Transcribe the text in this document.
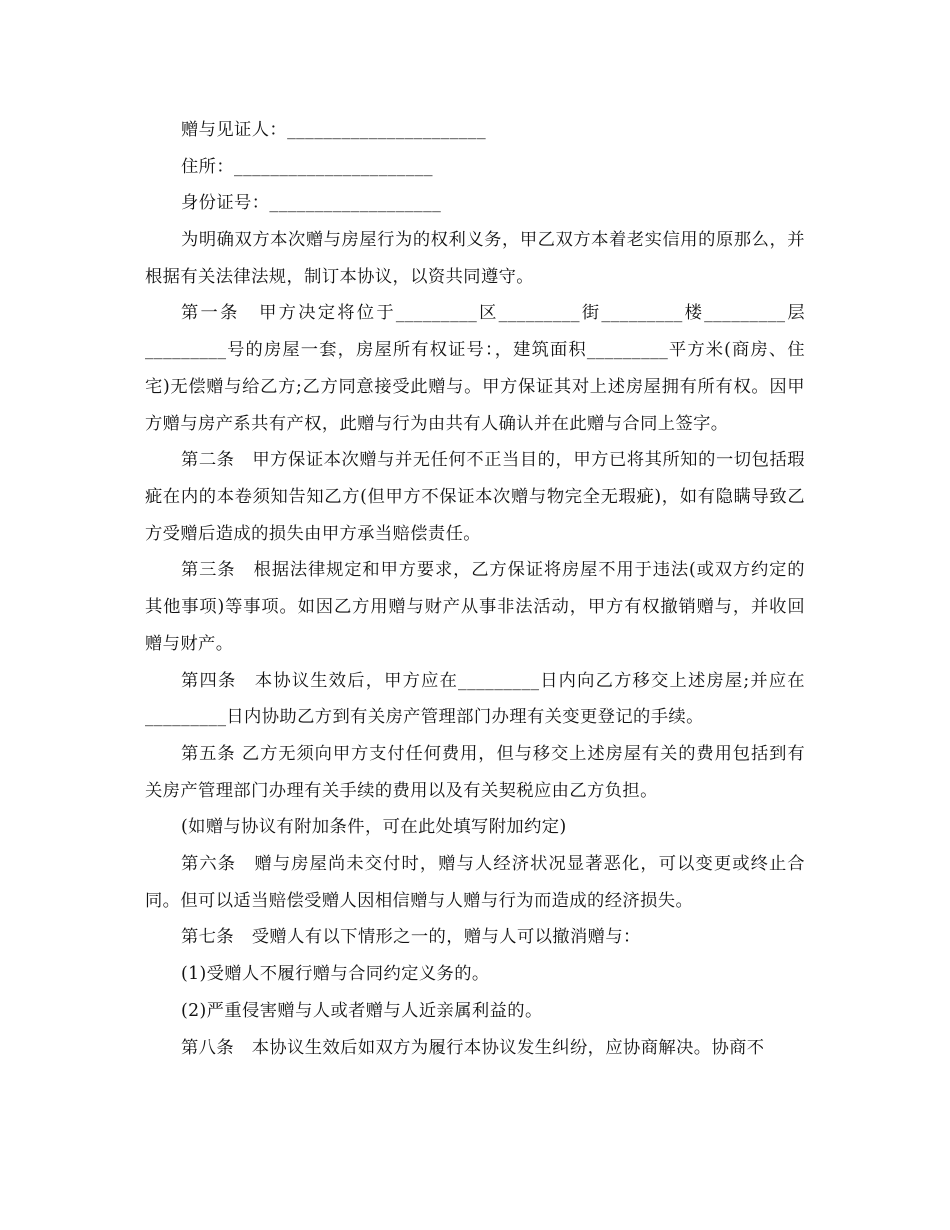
赠与见证人：______________________
住所：______________________
身份证号：___________________
为明确双方本次赠与房屋行为的权利义务，甲乙双方本着老实信用的原那么，并根据有关法律法规，制订本协议，以资共同遵守。
第一条　甲方决定将位于_________区_________街_________楼_________层_________号的房屋一套，房屋所有权证号：，建筑面积_________平方米(商房、住宅)无偿赠与给乙方;乙方同意接受此赠与。甲方保证其对上述房屋拥有所有权。因甲方赠与房产系共有产权，此赠与行为由共有人确认并在此赠与合同上签字。
第二条　甲方保证本次赠与并无任何不正当目的，甲方已将其所知的一切包括瑕疵在内的本卷须知告知乙方(但甲方不保证本次赠与物完全无瑕疵)，如有隐瞒导致乙方受赠后造成的损失由甲方承当赔偿责任。
第三条　根据法律规定和甲方要求，乙方保证将房屋不用于违法(或双方约定的其他事项)等事项。如因乙方用赠与财产从事非法活动，甲方有权撤销赠与，并收回赠与财产。
第四条　本协议生效后，甲方应在_________日内向乙方移交上述房屋;并应在_________日内协助乙方到有关房产管理部门办理有关变更登记的手续。
第五条 乙方无须向甲方支付任何费用，但与移交上述房屋有关的费用包括到有关房产管理部门办理有关手续的费用以及有关契税应由乙方负担。
(如赠与协议有附加条件，可在此处填写附加约定)
第六条　赠与房屋尚未交付时，赠与人经济状况显著恶化，可以变更或终止合同。但可以适当赔偿受赠人因相信赠与人赠与行为而造成的经济损失。
第七条　受赠人有以下情形之一的，赠与人可以撤消赠与：
(1)受赠人不履行赠与合同约定义务的。
(2)严重侵害赠与人或者赠与人近亲属利益的。
第八条　本协议生效后如双方为履行本协议发生纠纷，应协商解决。协商不
